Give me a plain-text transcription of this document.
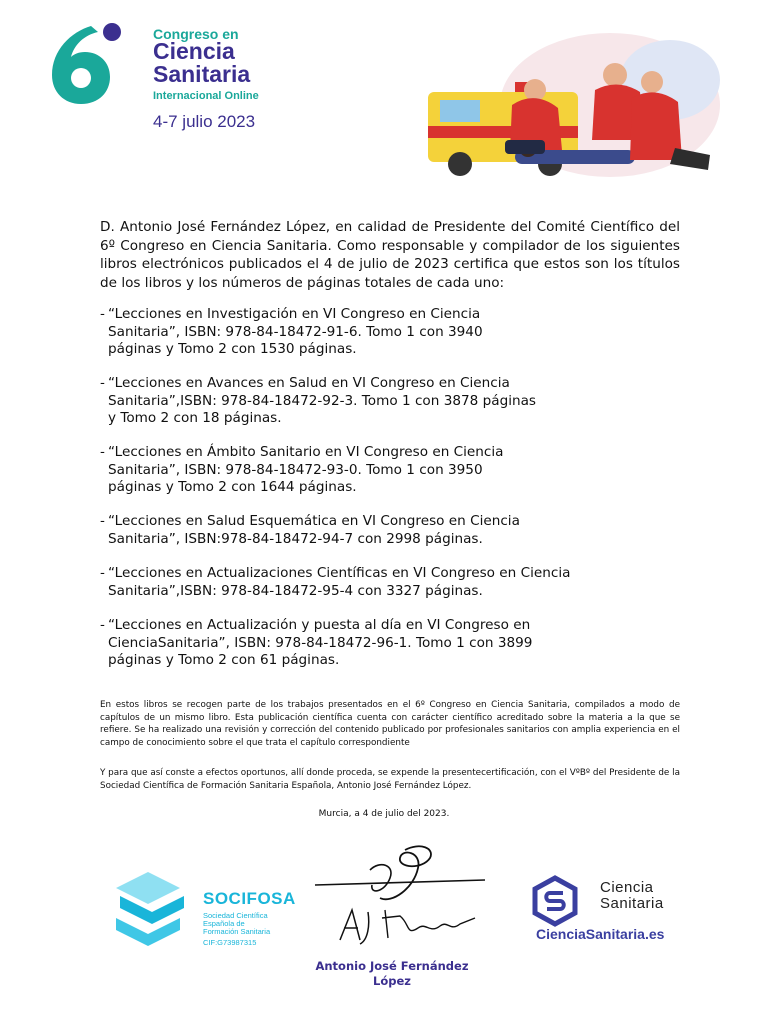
Congreso en
Ciencia
Sanitaria
Internacional Online
4-7 julio 2023
D. Antonio José Fernández López, en calidad de Presidente del Comité Científico del 6º Congreso en Ciencia Sanitaria. Como responsable y compilador de los siguientes libros electrónicos publicados el 4 de julio de 2023 certifica que estos son los títulos de los libros y los números de páginas totales de cada uno:
- “Lecciones en Investigación en VI Congreso en Ciencia
Sanitaria”, ISBN: 978-84-18472-91-6. Tomo 1 con 3940
páginas y Tomo 2 con 1530 páginas.
- “Lecciones en Avances en Salud en VI Congreso en Ciencia
Sanitaria”,ISBN: 978-84-18472-92-3. Tomo 1 con 3878 páginas
y Tomo 2 con 18 páginas.
- “Lecciones en Ámbito Sanitario en VI Congreso en Ciencia
Sanitaria”, ISBN: 978-84-18472-93-0. Tomo 1 con 3950
páginas y Tomo 2 con 1644 páginas.
- “Lecciones en Salud Esquemática en VI Congreso en Ciencia
Sanitaria”, ISBN:978-84-18472-94-7 con 2998 páginas.
- “Lecciones en Actualizaciones Científicas en VI Congreso en Ciencia
Sanitaria”,ISBN: 978-84-18472-95-4 con 3327 páginas.
- “Lecciones en Actualización y puesta al día en VI Congreso en
CienciaSanitaria”, ISBN: 978-84-18472-96-1. Tomo 1 con 3899
páginas y Tomo 2 con 61 páginas.
En estos libros se recogen parte de los trabajos presentados en el 6º Congreso en Ciencia Sanitaria, compilados a modo de capítulos de un mismo libro. Esta publicación científica cuenta con carácter científico acreditado sobre la materia a la que se refiere. Se ha realizado una revisión y corrección del contenido publicado por profesionales sanitarios con amplia experiencia en el campo de conocimiento sobre el que trata el capítulo correspondiente
Y para que así conste a efectos oportunos, allí donde proceda, se expende la presentecertificación, con el VºBº del Presidente de la Sociedad Científica de Formación Sanitaria Española, Antonio José Fernández López.
Murcia, a 4 de julio del 2023.
SOCIFOSA
Sociedad Científica
Española de
Formación Sanitaria
CIF:G73987315
Antonio José Fernández
López
Ciencia
Sanitaria
CienciaSanitaria.es
